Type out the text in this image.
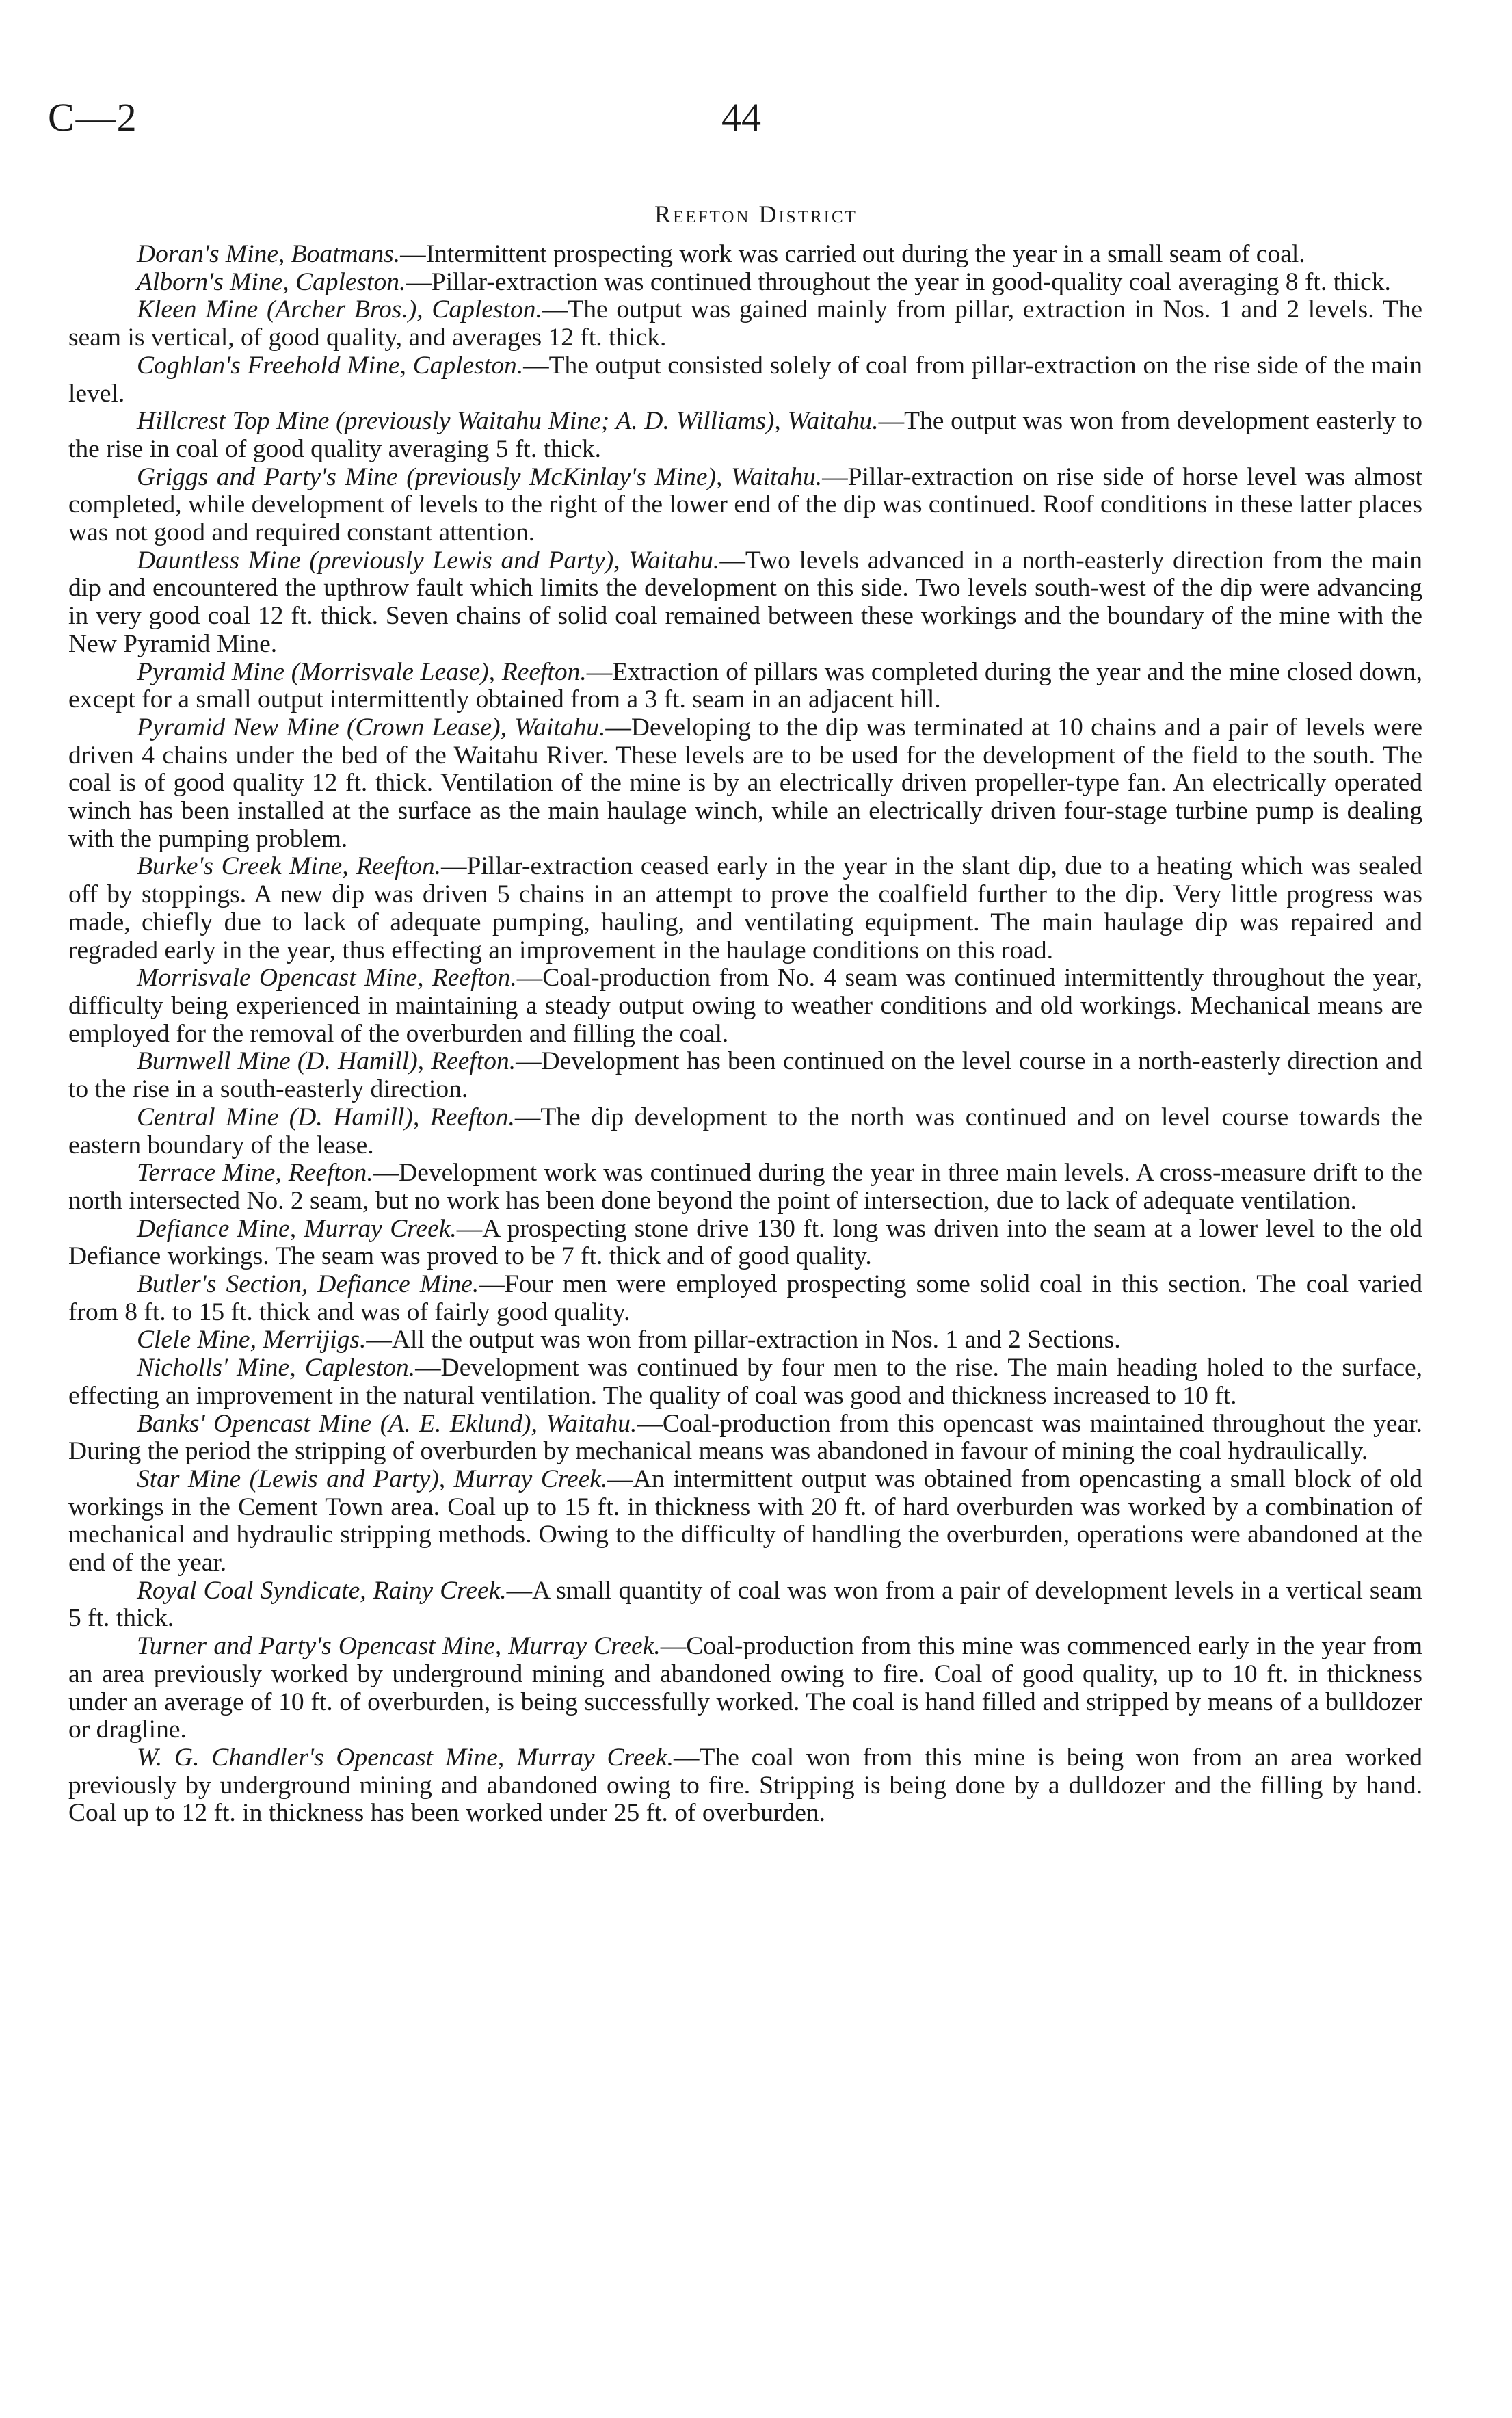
C—2	44
Reefton District

Doran's Mine, Boatmans.—Intermittent prospecting work was carried out during the year in a small seam of coal.

Alborn's Mine, Capleston.—Pillar-extraction was continued throughout the year in good-quality coal averaging 8 ft. thick.

Kleen Mine (Archer Bros.), Capleston.—The output was gained mainly from pillar, extraction in Nos. 1 and 2 levels. The seam is vertical, of good quality, and averages 12 ft. thick.

Coghlan's Freehold Mine, Capleston.—The output consisted solely of coal from pillar-extraction on the rise side of the main level.

Hillcrest Top Mine (previously Waitahu Mine; A. D. Williams), Waitahu.—The output was won from development easterly to the rise in coal of good quality averaging 5 ft. thick.

Griggs and Party's Mine (previously McKinlay's Mine), Waitahu.—Pillar-extraction on rise side of horse level was almost completed, while development of levels to the right of the lower end of the dip was continued. Roof conditions in these latter places was not good and required constant attention.

Dauntless Mine (previously Lewis and Party), Waitahu.—Two levels advanced in a north-easterly direction from the main dip and encountered the upthrow fault which limits the development on this side. Two levels south-west of the dip were advancing in very good coal 12 ft. thick. Seven chains of solid coal remained between these workings and the boundary of the mine with the New Pyramid Mine.

Pyramid Mine (Morrisvale Lease), Reefton.—Extraction of pillars was completed during the year and the mine closed down, except for a small output intermittently obtained from a 3 ft. seam in an adjacent hill.

Pyramid New Mine (Crown Lease), Waitahu.—Developing to the dip was terminated at 10 chains and a pair of levels were driven 4 chains under the bed of the Waitahu River. These levels are to be used for the development of the field to the south. The coal is of good quality 12 ft. thick. Ventilation of the mine is by an electrically driven propeller-type fan. An electrically operated winch has been installed at the surface as the main haulage winch, while an electrically driven four-stage turbine pump is dealing with the pumping problem.

Burke's Creek Mine, Reefton.—Pillar-extraction ceased early in the year in the slant dip, due to a heating which was sealed off by stoppings. A new dip was driven 5 chains in an attempt to prove the coalfield further to the dip. Very little progress was made, chiefly due to lack of adequate pumping, hauling, and ventilating equipment. The main haulage dip was repaired and regraded early in the year, thus effecting an improvement in the haulage conditions on this road.

Morrisvale Opencast Mine, Reefton.—Coal-production from No. 4 seam was continued intermittently throughout the year, difficulty being experienced in maintaining a steady output owing to weather conditions and old workings. Mechanical means are employed for the removal of the overburden and filling the coal.

Burnwell Mine (D. Hamill), Reefton.—Development has been continued on the level course in a north-easterly direction and to the rise in a south-easterly direction.

Central Mine (D. Hamill), Reefton.—The dip development to the north was continued and on level course towards the eastern boundary of the lease.

Terrace Mine, Reefton.—Development work was continued during the year in three main levels. A cross-measure drift to the north intersected No. 2 seam, but no work has been done beyond the point of intersection, due to lack of adequate ventilation.

Defiance Mine, Murray Creek.—A prospecting stone drive 130 ft. long was driven into the seam at a lower level to the old Defiance workings. The seam was proved to be 7 ft. thick and of good quality.

Butler's Section, Defiance Mine.—Four men were employed prospecting some solid coal in this section. The coal varied from 8 ft. to 15 ft. thick and was of fairly good quality.

Clele Mine, Merrijigs.—All the output was won from pillar-extraction in Nos. 1 and 2 Sections.

Nicholls' Mine, Capleston.—Development was continued by four men to the rise. The main heading holed to the surface, effecting an improvement in the natural ventilation. The quality of coal was good and thickness increased to 10 ft.

Banks' Opencast Mine (A. E. Eklund), Waitahu.—Coal-production from this opencast was maintained throughout the year. During the period the stripping of overburden by mechanical means was abandoned in favour of mining the coal hydraulically.

Star Mine (Lewis and Party), Murray Creek.—An intermittent output was obtained from opencasting a small block of old workings in the Cement Town area. Coal up to 15 ft. in thickness with 20 ft. of hard overburden was worked by a combination of mechanical and hydraulic stripping methods. Owing to the difficulty of handling the overburden, operations were abandoned at the end of the year.

Royal Coal Syndicate, Rainy Creek.—A small quantity of coal was won from a pair of development levels in a vertical seam 5 ft. thick.

Turner and Party's Opencast Mine, Murray Creek.—Coal-production from this mine was commenced early in the year from an area previously worked by underground mining and abandoned owing to fire. Coal of good quality, up to 10 ft. in thickness under an average of 10 ft. of overburden, is being successfully worked. The coal is hand filled and stripped by means of a bulldozer or dragline.

W. G. Chandler's Opencast Mine, Murray Creek.—The coal won from this mine is being won from an area worked previously by underground mining and abandoned owing to fire. Stripping is being done by a dulldozer and the filling by hand. Coal up to 12 ft. in thickness has been worked under 25 ft. of overburden.
